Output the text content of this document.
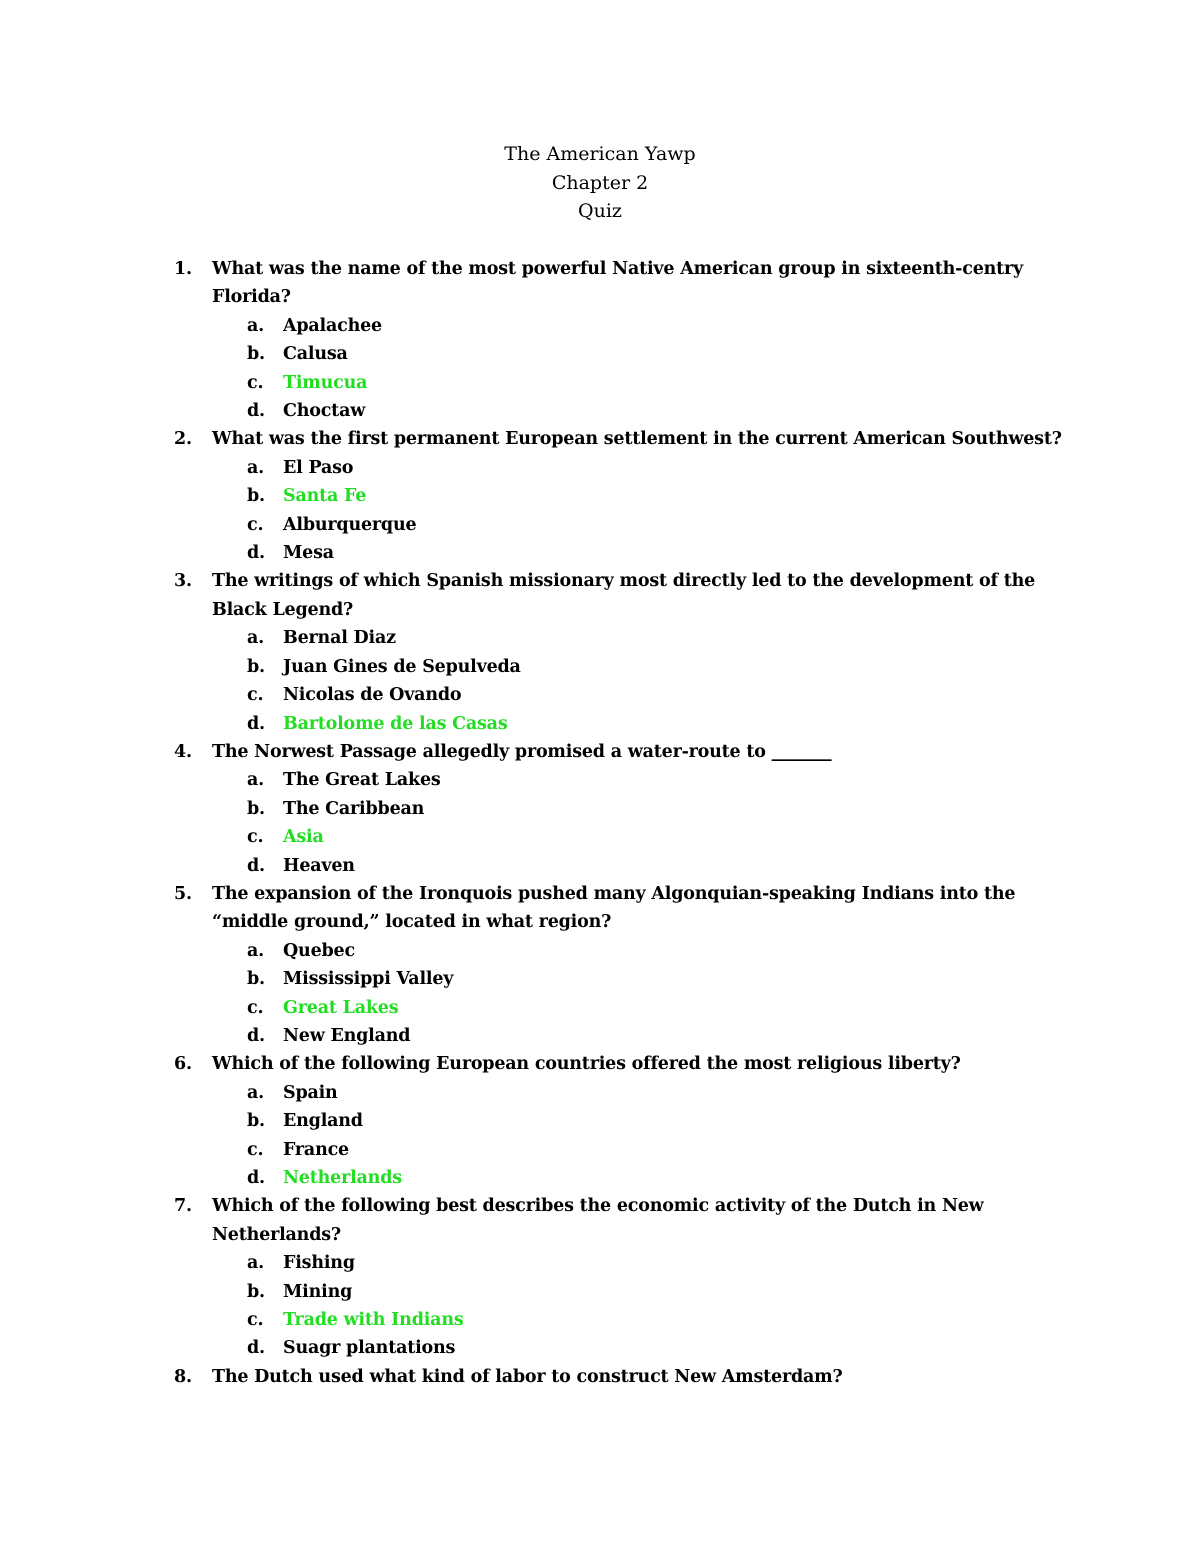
The American Yawp
Chapter 2
Quiz
1. What was the name of the most powerful Native American group in sixteenth-centry Florida?
a. Apalachee
b. Calusa
c. Timucua
d. Choctaw
2. What was the first permanent European settlement in the current American Southwest?
a. El Paso
b. Santa Fe
c. Alburquerque
d. Mesa
3. The writings of which Spanish missionary most directly led to the development of the Black Legend?
a. Bernal Diaz
b. Juan Gines de Sepulveda
c. Nicolas de Ovando
d. Bartolome de las Casas
4. The Norwest Passage allegedly promised a water-route to _______
a. The Great Lakes
b. The Caribbean
c. Asia
d. Heaven
5. The expansion of the Ironquois pushed many Algonquian-speaking Indians into the “middle ground,” located in what region?
a. Quebec
b. Mississippi Valley
c. Great Lakes
d. New England
6. Which of the following European countries offered the most religious liberty?
a. Spain
b. England
c. France
d. Netherlands
7. Which of the following best describes the economic activity of the Dutch in New Netherlands?
a. Fishing
b. Mining
c. Trade with Indians
d. Suagr plantations
8. The Dutch used what kind of labor to construct New Amsterdam?
